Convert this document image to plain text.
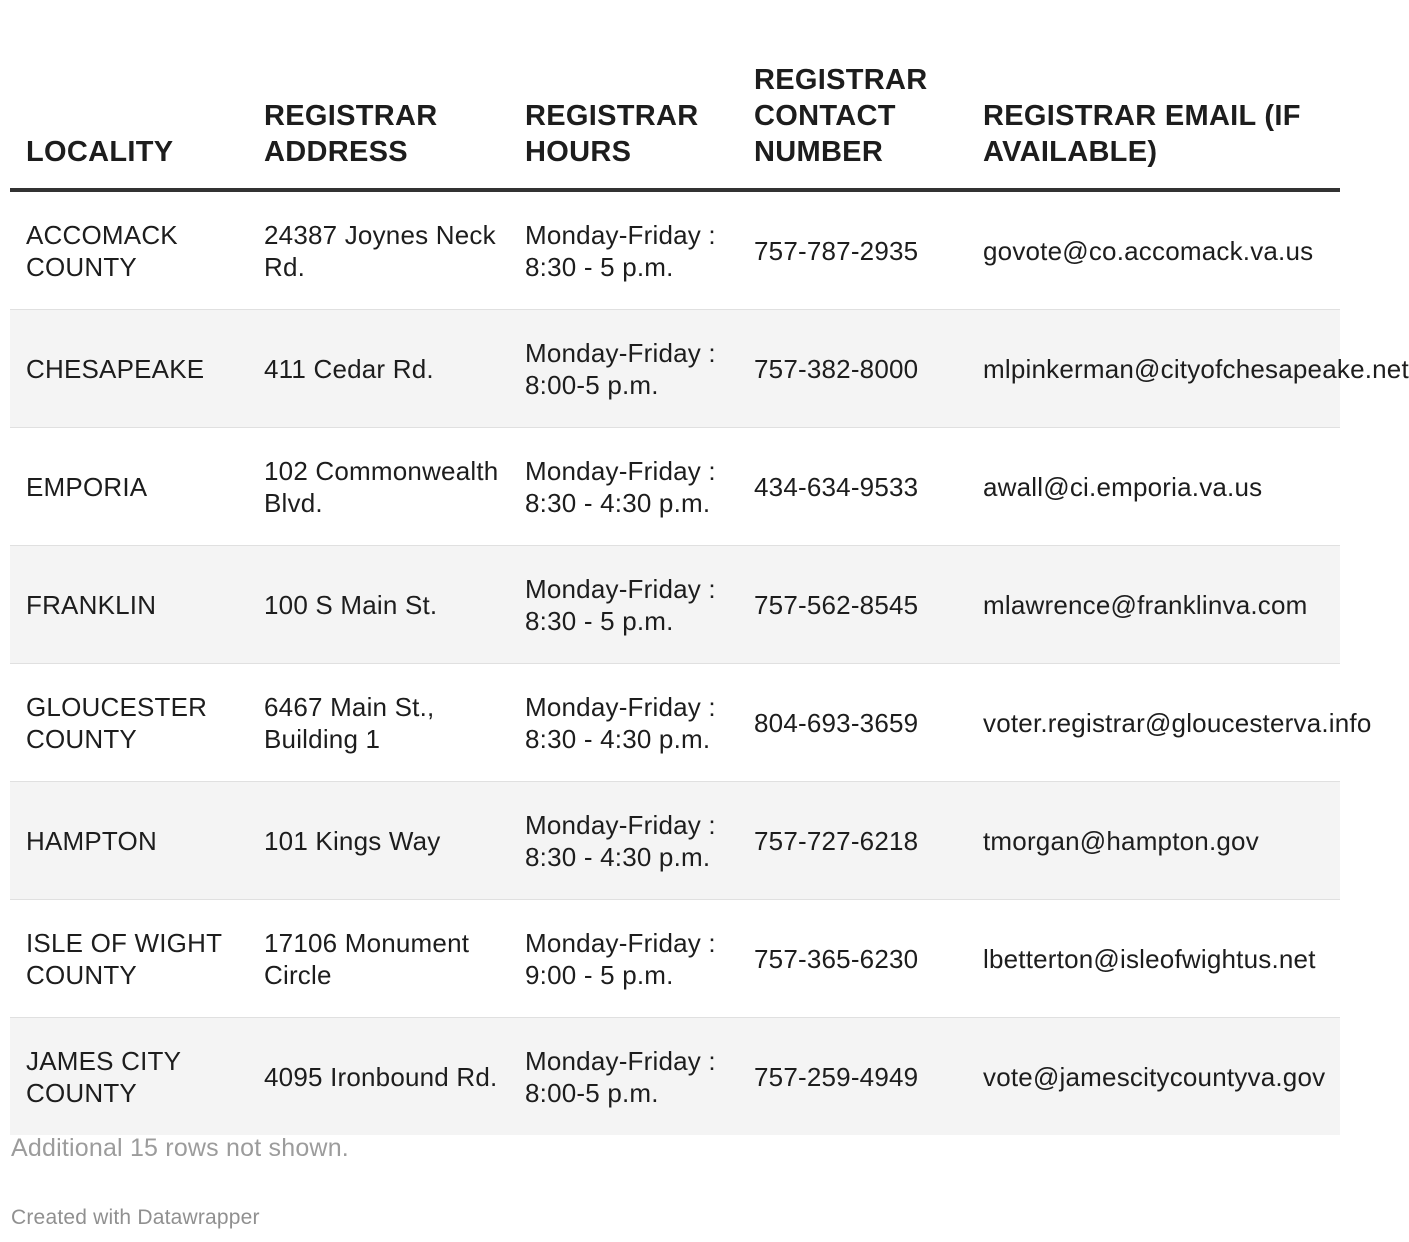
LOCALITY	REGISTRAR ADDRESS	REGISTRAR HOURS	REGISTRAR CONTACT NUMBER	REGISTRAR EMAIL (IF AVAILABLE)
ACCOMACK COUNTY	24387 Joynes Neck Rd.	Monday-Friday : 8:30 - 5 p.m.	757-787-2935	govote@co.accomack.va.us
CHESAPEAKE	411 Cedar Rd.	Monday-Friday : 8:00-5 p.m.	757-382-8000	mlpinkerman@cityofchesapeake.net
EMPORIA	102 Commonwealth Blvd.	Monday-Friday : 8:30 - 4:30 p.m.	434-634-9533	awall@ci.emporia.va.us
FRANKLIN	100 S Main St.	Monday-Friday : 8:30 - 5 p.m.	757-562-8545	mlawrence@franklinva.com
GLOUCESTER COUNTY	6467 Main St., Building 1	Monday-Friday : 8:30 - 4:30 p.m.	804-693-3659	voter.registrar@gloucesterva.info
HAMPTON	101 Kings Way	Monday-Friday : 8:30 - 4:30 p.m.	757-727-6218	tmorgan@hampton.gov
ISLE OF WIGHT COUNTY	17106 Monument Circle	Monday-Friday : 9:00 - 5 p.m.	757-365-6230	lbetterton@isleofwightus.net
JAMES CITY COUNTY	4095 Ironbound Rd.	Monday-Friday : 8:00-5 p.m.	757-259-4949	vote@jamescitycountyva.gov
Additional 15 rows not shown.
Created with Datawrapper
